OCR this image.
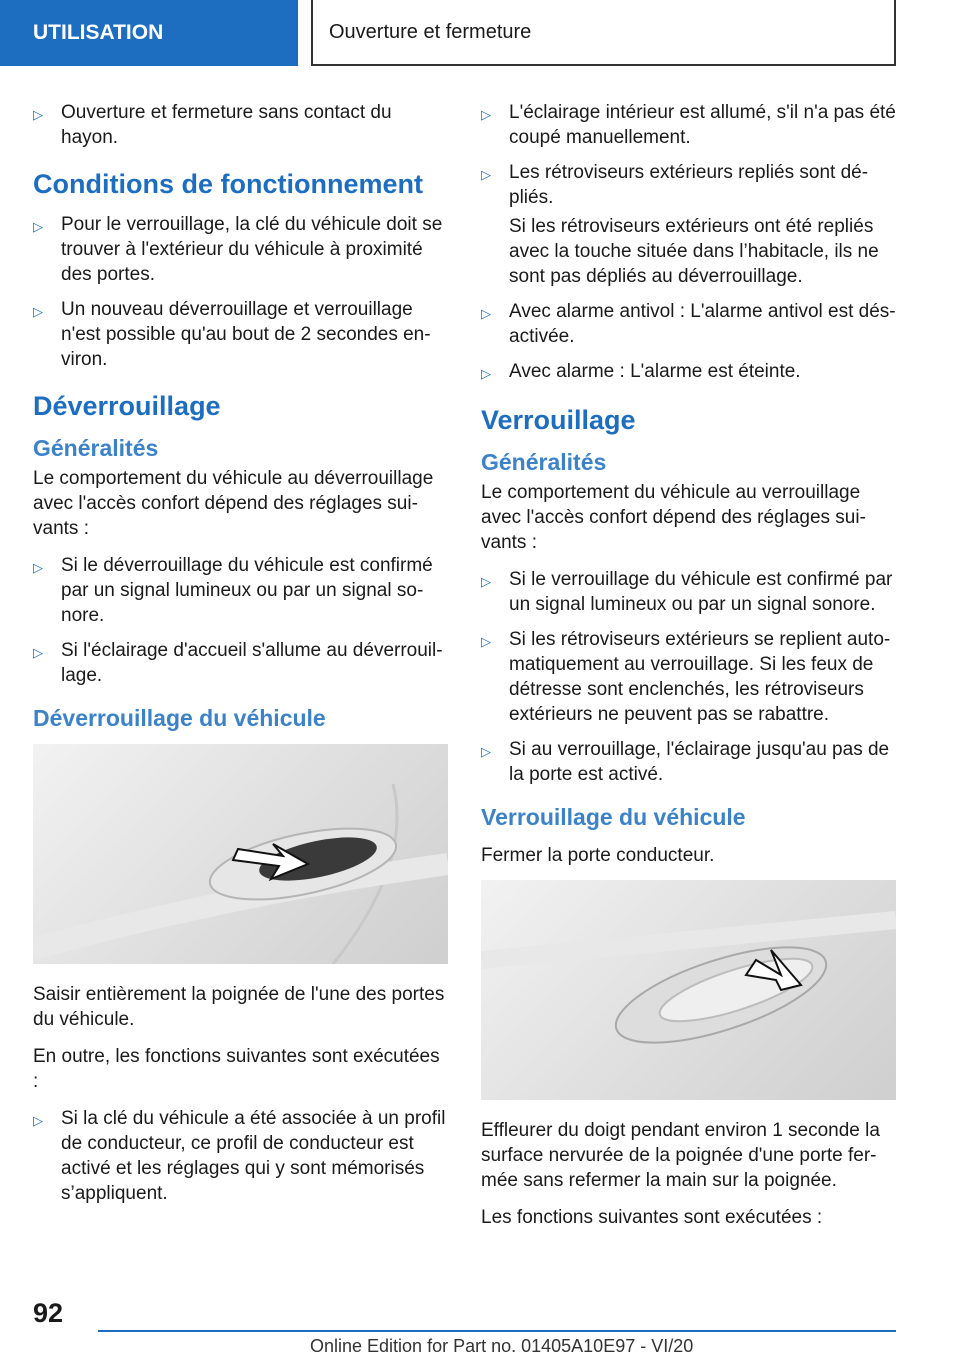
UTILISATION	Ouverture et fermeture
▷ Ouverture et fermeture sans contact du hayon.
Conditions de fonctionnement
▷ Pour le verrouillage, la clé du véhicule doit se trouver à l'extérieur du véhicule à proximité des portes.
▷ Un nouveau déverrouillage et verrouillage n'est possible qu'au bout de 2 secondes environ.
Déverrouillage
Généralités

Le comportement du véhicule au déverrouillage avec l'accès confort dépend des réglages suivants :

▷ Si le déverrouillage du véhicule est confirmé par un signal lumineux ou par un signal sonore.
▷ Si l'éclairage d'accueil s'allume au déverrouillage.
Déverrouillage du véhicule

Saisir entièrement la poignée de l'une des portes du véhicule.

En outre, les fonctions suivantes sont exécutées :

▷ Si la clé du véhicule a été associée à un profil de conducteur, ce profil de conducteur est activé et les réglages qui y sont mémorisés s’appliquent.
▷ L'éclairage intérieur est allumé, s'il n'a pas été coupé manuellement.
▷ Les rétroviseurs extérieurs repliés sont dépliés.
Si les rétroviseurs extérieurs ont été repliés avec la touche située dans l’habitacle, ils ne sont pas dépliés au déverrouillage.
▷ Avec alarme antivol : L'alarme antivol est désactivée.
▷ Avec alarme : L'alarme est éteinte.
Verrouillage
Généralités

Le comportement du véhicule au verrouillage avec l'accès confort dépend des réglages suivants :

▷ Si le verrouillage du véhicule est confirmé par un signal lumineux ou par un signal sonore.
▷ Si les rétroviseurs extérieurs se replient automatiquement au verrouillage. Si les feux de détresse sont enclenchés, les rétroviseurs extérieurs ne peuvent pas se rabattre.
▷ Si au verrouillage, l'éclairage jusqu'au pas de la porte est activé.
Verrouillage du véhicule

Fermer la porte conducteur.

Effleurer du doigt pendant environ 1 seconde la surface nervurée de la poignée d'une porte fermée sans refermer la main sur la poignée.

Les fonctions suivantes sont exécutées :

92
Online Edition for Part no. 01405A10E97 - VI/20
